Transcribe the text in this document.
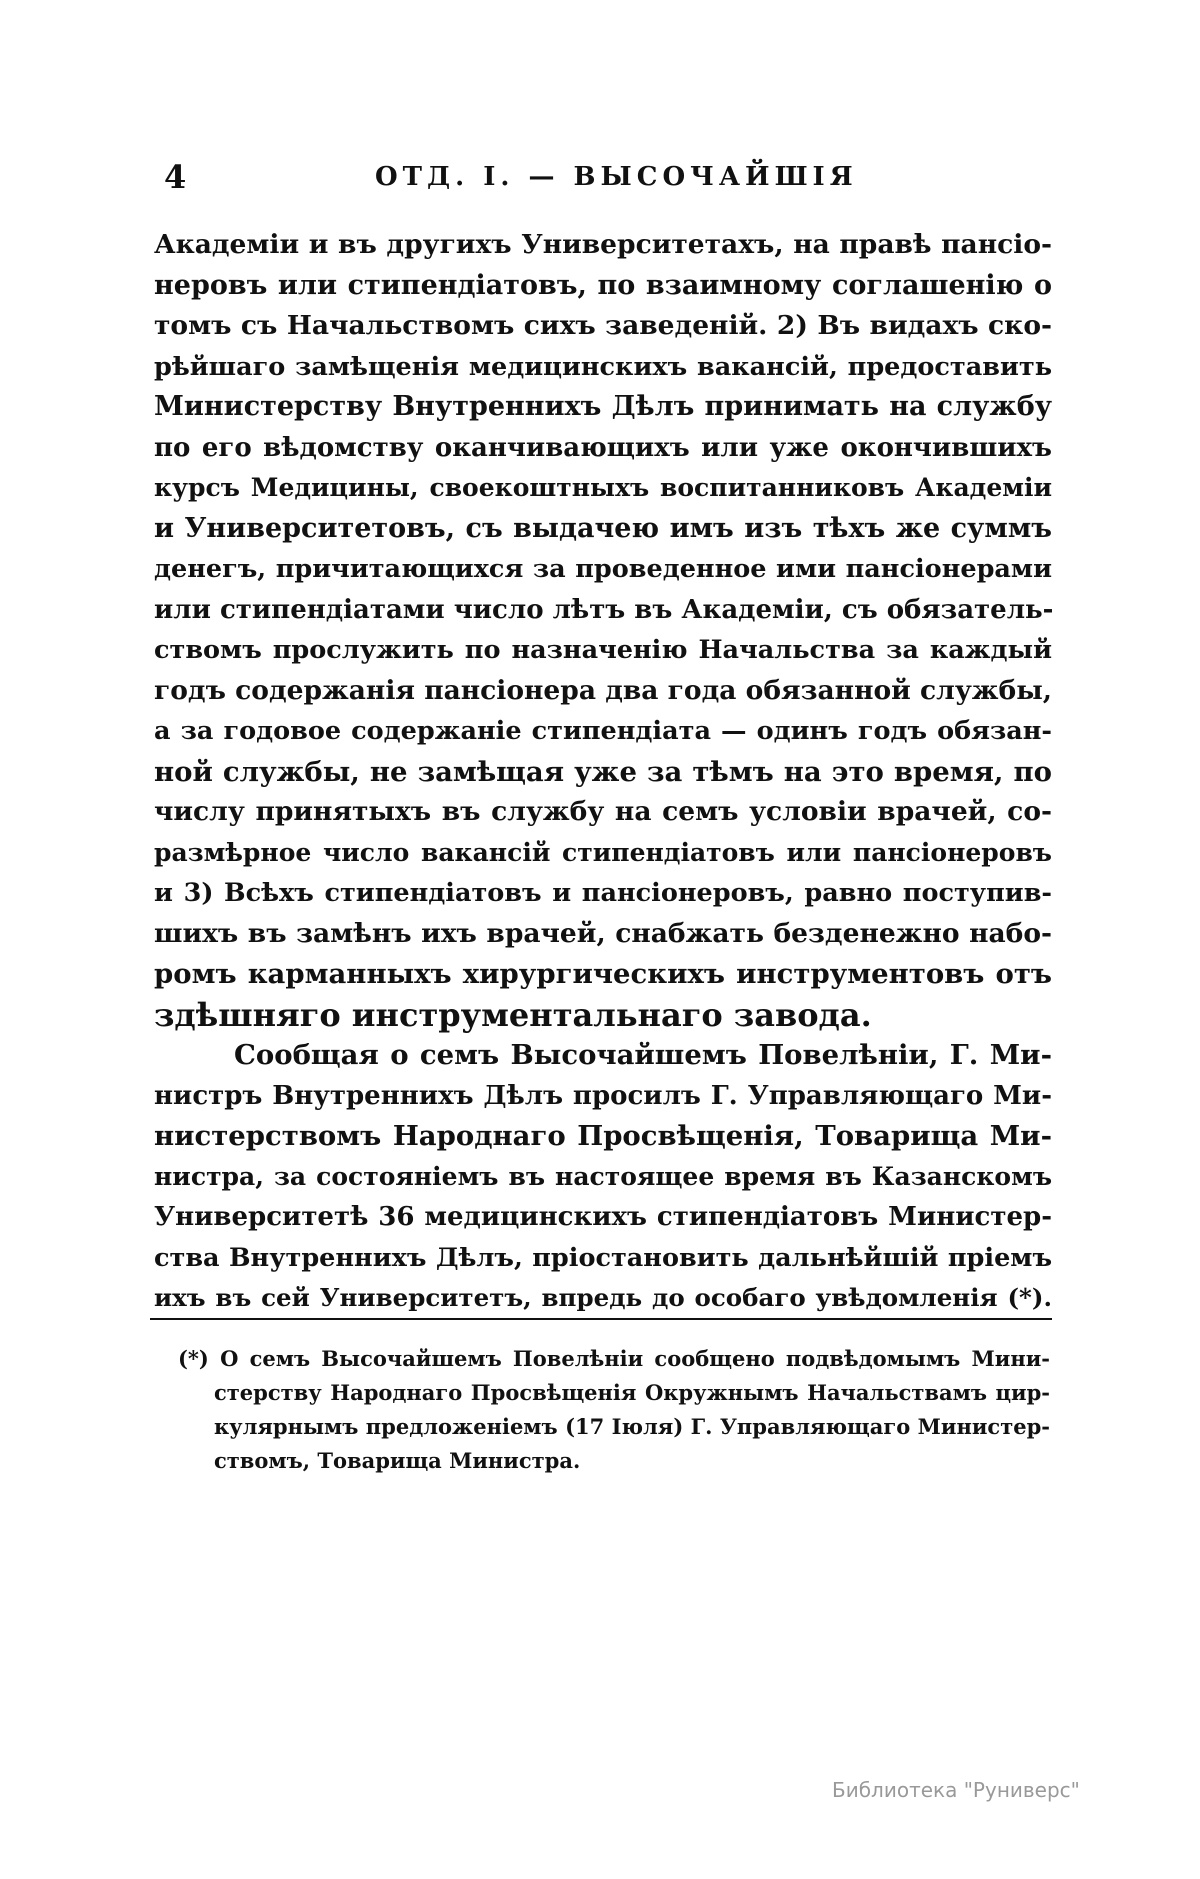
4	ОТД. I. — ВЫСОЧАЙШІЯ
Академіи и въ другихъ Университетахъ, на правѣ пансіо-
неровъ или стипендіатовъ, по взаимному соглашенію о
томъ съ Начальствомъ сихъ заведеній. 2) Въ видахъ ско-
рѣйшаго замѣщенія медицинскихъ вакансій, предоставить
Министерству Внутреннихъ Дѣлъ принимать на службу
по его вѣдомству оканчивающихъ или уже окончившихъ
курсъ Медицины, своекоштныхъ воспитанниковъ Академіи
и Университетовъ, съ выдачею имъ изъ тѣхъ же суммъ
денегъ, причитающихся за проведенное ими пансіонерами
или стипендіатами число лѣтъ въ Академіи, съ обязатель-
ствомъ прослужить по назначенію Начальства за каждый
годъ содержанія пансіонера два года обязанной службы,
а за годовое содержаніе стипендіата — одинъ годъ обязан-
ной службы, не замѣщая уже за тѣмъ на это время, по
числу принятыхъ въ службу на семъ условіи врачей, со-
размѣрное число вакансій стипендіатовъ или пансіонеровъ
и 3) Всѣхъ стипендіатовъ и пансіонеровъ, равно поступив-
шихъ въ замѣнъ ихъ врачей, снабжать безденежно набо-
ромъ карманныхъ хирургическихъ инструментовъ отъ
здѣшняго инструментальнаго завода.
Сообщая о семъ Высочайшемъ Повелѣніи, Г. Ми-
нистръ Внутреннихъ Дѣлъ просилъ Г. Управляющаго Ми-
нистерствомъ Народнаго Просвѣщенія, Товарища Ми-
нистра, за состояніемъ въ настоящее время въ Казанскомъ
Университетѣ 36 медицинскихъ стипендіатовъ Министер-
ства Внутреннихъ Дѣлъ, пріостановить дальнѣйшій пріемъ
ихъ въ сей Университетъ, впредь до особаго увѣдомленія (*).
(*) О семъ Высочайшемъ Повелѣніи сообщено подвѣдомымъ Мини-
стерству Народнаго Просвѣщенія Окружнымъ Начальствамъ цир-
кулярнымъ предложеніемъ (17 Іюля) Г. Управляющаго Министер-
ствомъ, Товарища Министра.
Библиотека "Руниверс"
